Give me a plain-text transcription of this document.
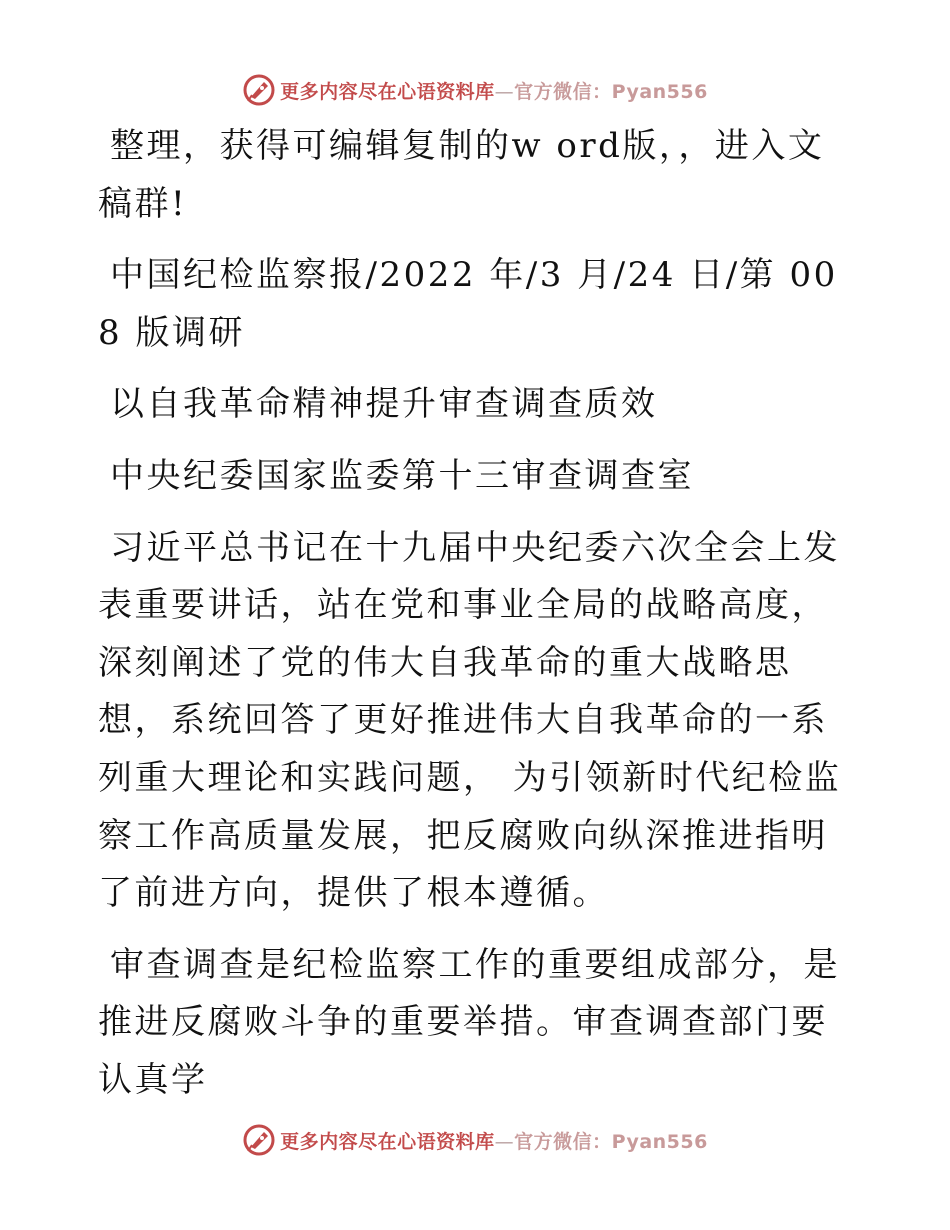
更多内容尽在心语资料库—官方微信：Pyan556

整理，获得可编辑复制的w ord版，，进入文稿群!

中国纪检监察报/2022 年/3 月/24 日/第 008 版调研

以自我革命精神提升审查调查质效

中央纪委国家监委第十三审查调查室

习近平总书记在十九届中央纪委六次全会上发表重要讲话，站在党和事业全局的战略高度，深刻阐述了党的伟大自我革命的重大战略思想，系统回答了更好推进伟大自我革命的一系列重大理论和实践问题， 为引领新时代纪检监察工作高质量发展，把反腐败向纵深推进指明了前进方向，提供了根本遵循。

审查调查是纪检监察工作的重要组成部分，是推进反腐败斗争的重要举措。审查调查部门要认真学

更多内容尽在心语资料库—官方微信：Pyan556
